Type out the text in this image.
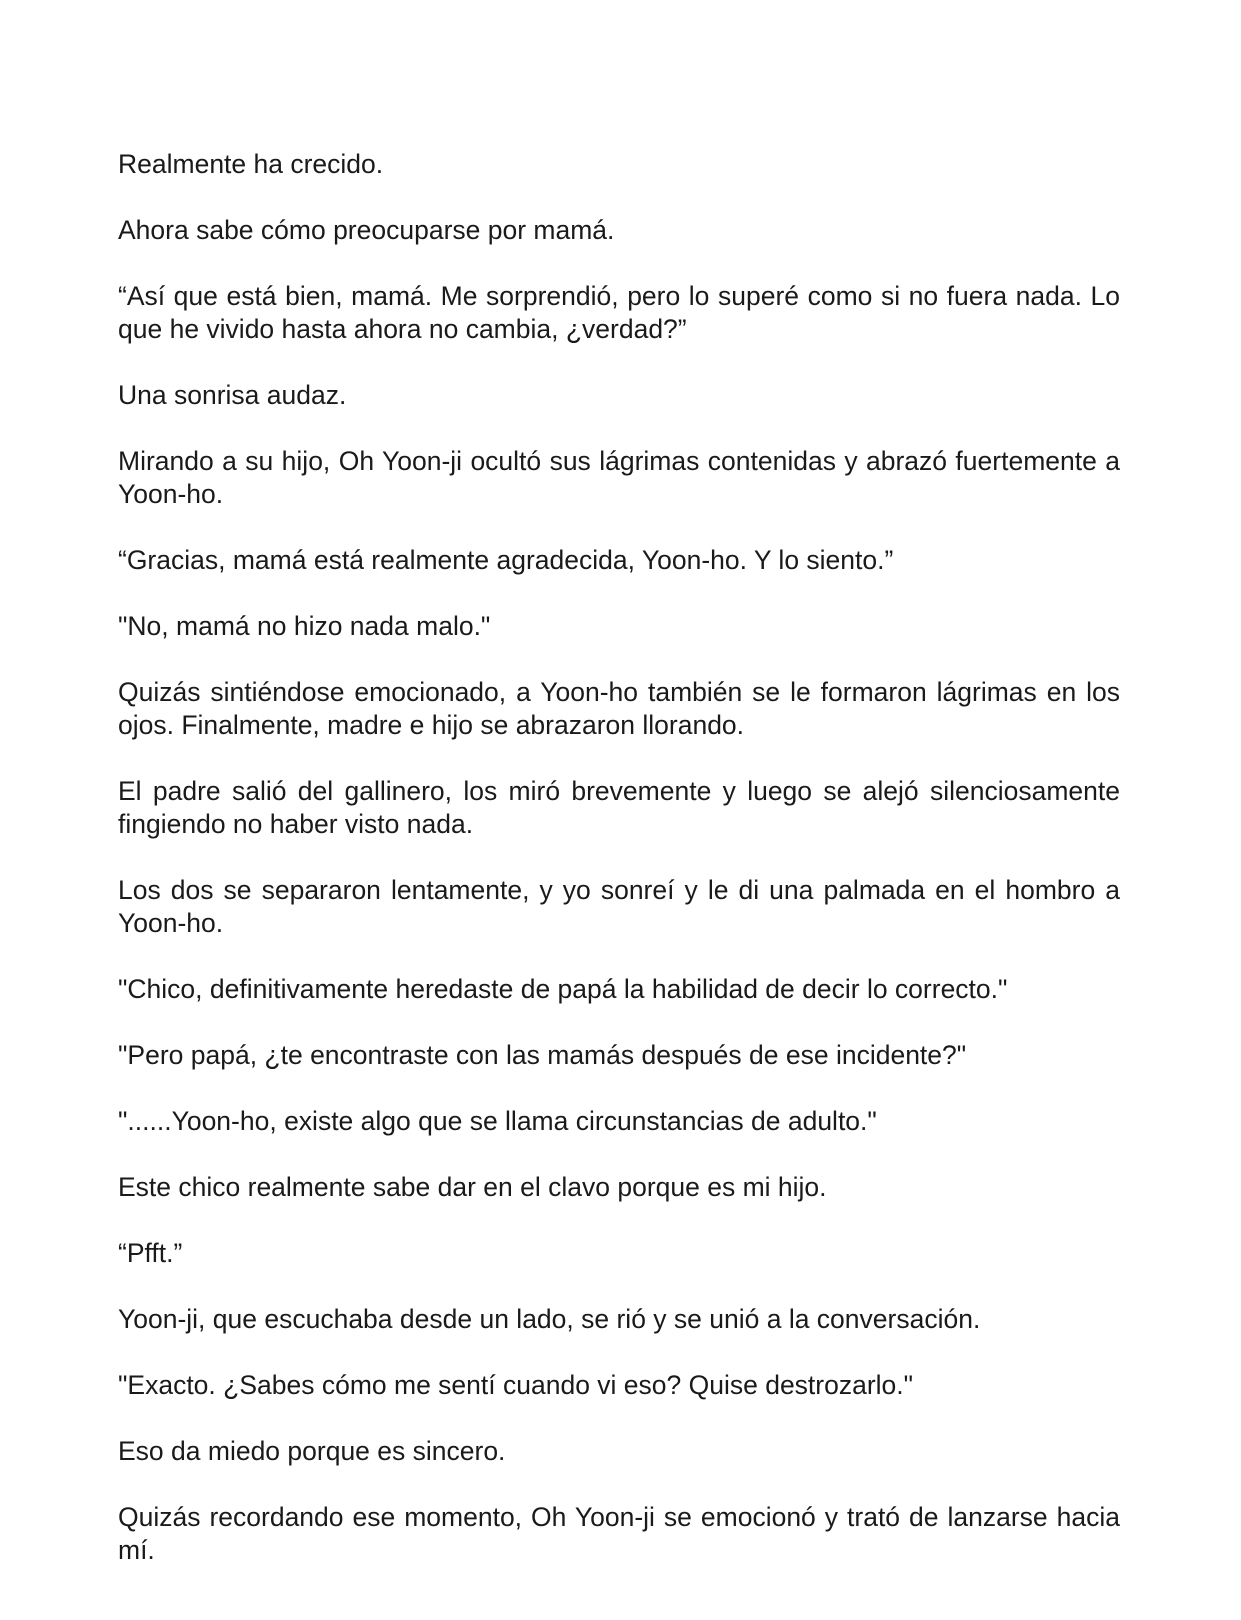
Realmente ha crecido.

Ahora sabe cómo preocuparse por mamá.

“Así que está bien, mamá. Me sorprendió, pero lo superé como si no fuera nada. Lo que he vivido hasta ahora no cambia, ¿verdad?”

Una sonrisa audaz.

Mirando a su hijo, Oh Yoon-ji ocultó sus lágrimas contenidas y abrazó fuertemente a Yoon-ho.

“Gracias, mamá está realmente agradecida, Yoon-ho. Y lo siento.”

"No, mamá no hizo nada malo."

Quizás sintiéndose emocionado, a Yoon-ho también se le formaron lágrimas en los ojos. Finalmente, madre e hijo se abrazaron llorando.

El padre salió del gallinero, los miró brevemente y luego se alejó silenciosamente fingiendo no haber visto nada.

Los dos se separaron lentamente, y yo sonreí y le di una palmada en el hombro a Yoon-ho.

"Chico, definitivamente heredaste de papá la habilidad de decir lo correcto."

"Pero papá, ¿te encontraste con las mamás después de ese incidente?"

"......Yoon-ho, existe algo que se llama circunstancias de adulto."

Este chico realmente sabe dar en el clavo porque es mi hijo.

“Pfft.”

Yoon-ji, que escuchaba desde un lado, se rió y se unió a la conversación.

"Exacto. ¿Sabes cómo me sentí cuando vi eso? Quise destrozarlo."

Eso da miedo porque es sincero.

Quizás recordando ese momento, Oh Yoon-ji se emocionó y trató de lanzarse hacia mí.
